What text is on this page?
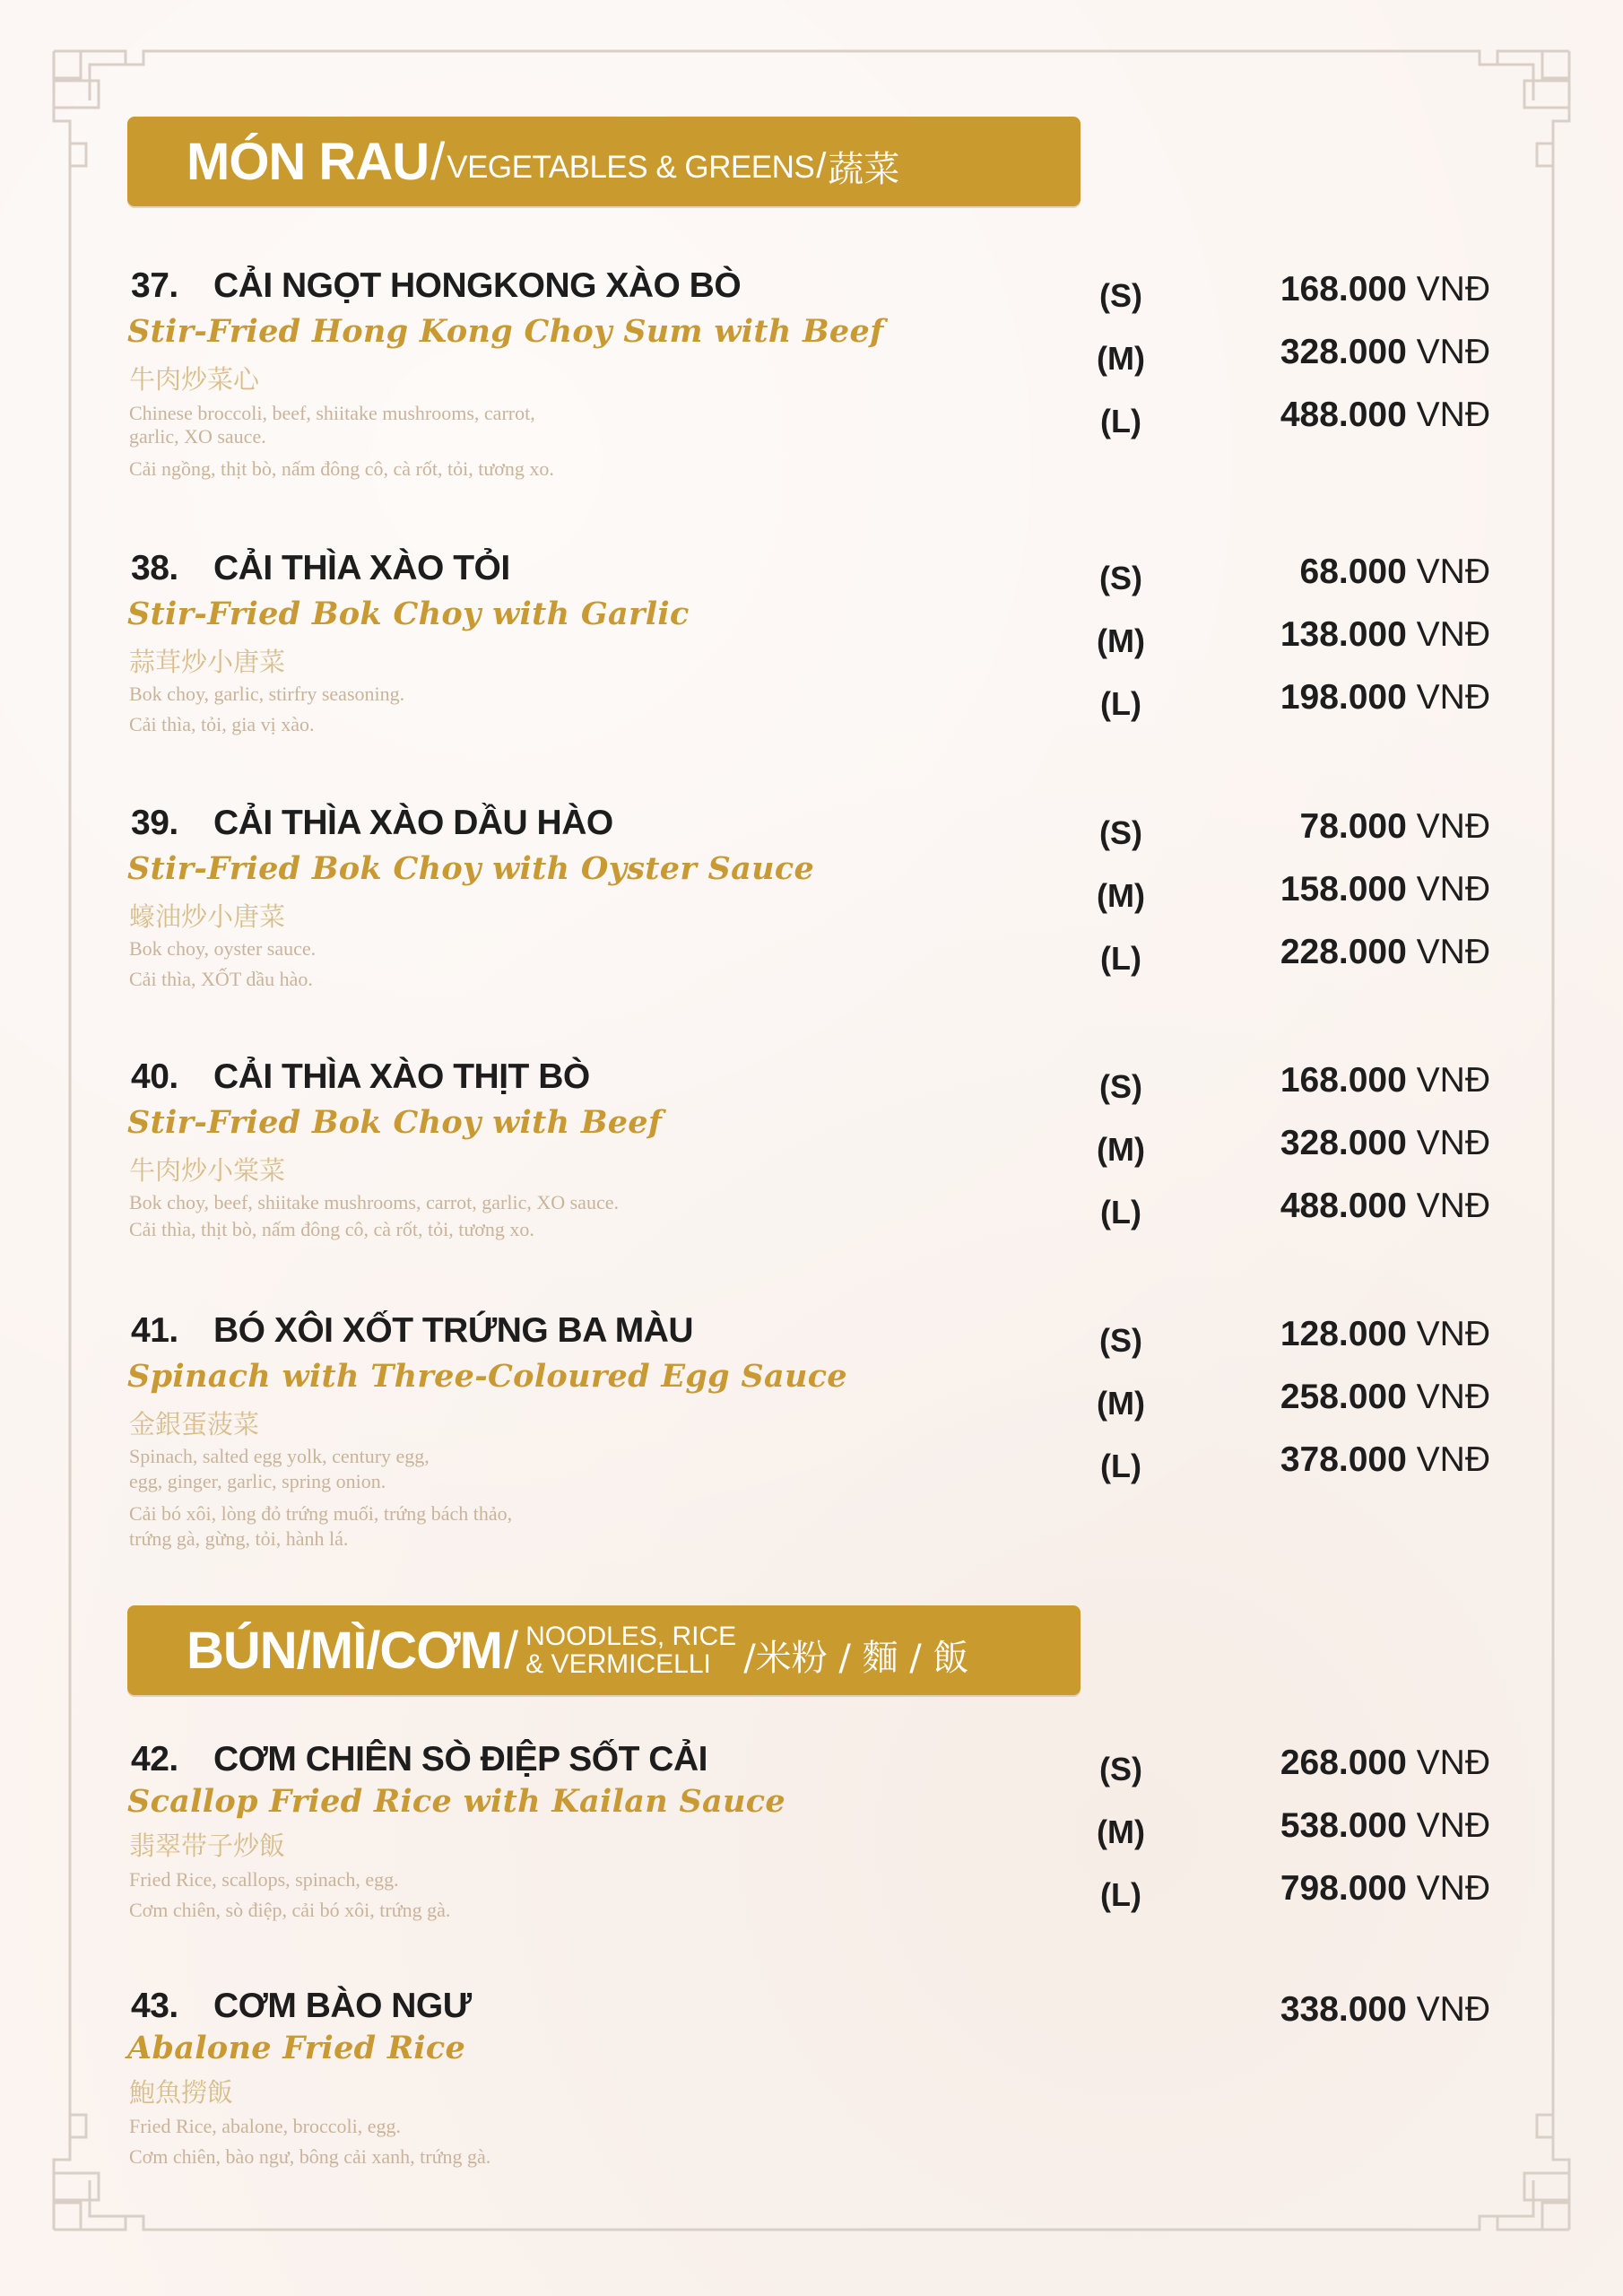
MÓN RAU / VEGETABLES & GREENS / 蔬菜
37. CẢI NGỌT HONGKONG XÀO BÒ
Stir-Fried Hong Kong Choy Sum with Beef
牛肉炒菜心
Chinese broccoli, beef, shiitake mushrooms, carrot,
garlic, XO sauce.
Cải ngồng, thịt bò, nấm đông cô, cà rốt, tỏi, tương xo.
(S)
(M)
(L)
168.000 VNĐ
328.000 VNĐ
488.000 VNĐ
38. CẢI THÌA XÀO TỎI
Stir-Fried Bok Choy with Garlic
蒜茸炒小唐菜
Bok choy, garlic, stirfry seasoning.
Cải thìa, tỏi, gia vị xào.
(S)
(M)
(L)
68.000 VNĐ
138.000 VNĐ
198.000 VNĐ
39. CẢI THÌA XÀO DẦU HÀO
Stir-Fried Bok Choy with Oyster Sauce
蠔油炒小唐菜
Bok choy, oyster sauce.
Cải thìa, XỐT dầu hào.
(S)
(M)
(L)
78.000 VNĐ
158.000 VNĐ
228.000 VNĐ
40. CẢI THÌA XÀO THỊT BÒ
Stir-Fried Bok Choy with Beef
牛肉炒小棠菜
Bok choy, beef, shiitake mushrooms, carrot, garlic, XO sauce.
Cải thìa, thịt bò, nấm đông cô, cà rốt, tỏi, tương xo.
(S)
(M)
(L)
168.000 VNĐ
328.000 VNĐ
488.000 VNĐ
41. BÓ XÔI XỐT TRỨNG BA MÀU
Spinach with Three-Coloured Egg Sauce
金銀蛋菠菜
Spinach, salted egg yolk, century egg,
egg, ginger, garlic, spring onion.
Cải bó xôi, lòng đỏ trứng muối, trứng bách thảo,
trứng gà, gừng, tỏi, hành lá.
(S)
(M)
(L)
128.000 VNĐ
258.000 VNĐ
378.000 VNĐ
BÚN/MÌ/CƠM / NOODLES, RICE
& VERMICELLI /米粉 / 麵 / 飯
42. CƠM CHIÊN SÒ ĐIỆP SỐT CẢI
Scallop Fried Rice with Kailan Sauce
翡翠带子炒飯
Fried Rice, scallops, spinach, egg.
Cơm chiên, sò điệp, cải bó xôi, trứng gà.
(S)
(M)
(L)
268.000 VNĐ
538.000 VNĐ
798.000 VNĐ
43. CƠM BÀO NGƯ
Abalone Fried Rice
鮑魚撈飯
Fried Rice, abalone, broccoli, egg.
Cơm chiên, bào ngư, bông cải xanh, trứng gà.
338.000 VNĐ
